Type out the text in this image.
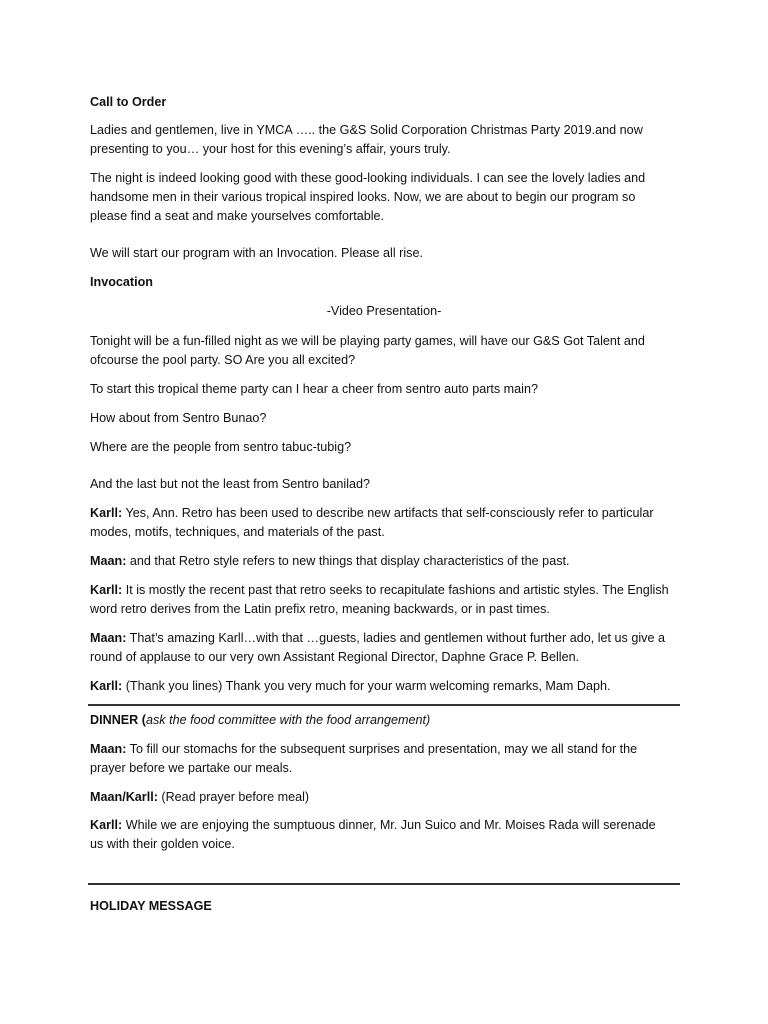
Call to Order

Ladies and gentlemen, live in YMCA ….. the G&S Solid Corporation Christmas Party 2019.and now presenting to you… your host for this evening’s affair, yours truly.

The night is indeed looking good with these good-looking individuals. I can see the lovely ladies and handsome men in their various tropical inspired looks. Now, we are about to begin our program so please find a seat and make yourselves comfortable.

We will start our program with an Invocation. Please all rise.

Invocation

-Video Presentation-

Tonight will be a fun-filled night as we will be playing party games, will have our G&S Got Talent and ofcourse the pool party. SO Are you all excited?

To start this tropical theme party can I hear a cheer from sentro auto parts main?

How about from Sentro Bunao?

Where are the people from sentro tabuc-tubig?

And the last but not the least from Sentro banilad?

Karll: Yes, Ann. Retro has been used to describe new artifacts that self-consciously refer to particular modes, motifs, techniques, and materials of the past.

Maan: and that Retro style refers to new things that display characteristics of the past.

Karll: It is mostly the recent past that retro seeks to recapitulate fashions and artistic styles. The English word retro derives from the Latin prefix retro, meaning backwards, or in past times.

Maan: That’s amazing Karll…with that …guests, ladies and gentlemen without further ado, let us give a round of applause to our very own Assistant Regional Director, Daphne Grace P. Bellen.

Karll: (Thank you lines) Thank you very much for your warm welcoming remarks, Mam Daph.

DINNER (ask the food committee with the food arrangement)

Maan: To fill our stomachs for the subsequent surprises and presentation, may we all stand for the prayer before we partake our meals.

Maan/Karll: (Read prayer before meal)

Karll: While we are enjoying the sumptuous dinner, Mr. Jun Suico and Mr. Moises Rada will serenade us with their golden voice.

HOLIDAY MESSAGE
